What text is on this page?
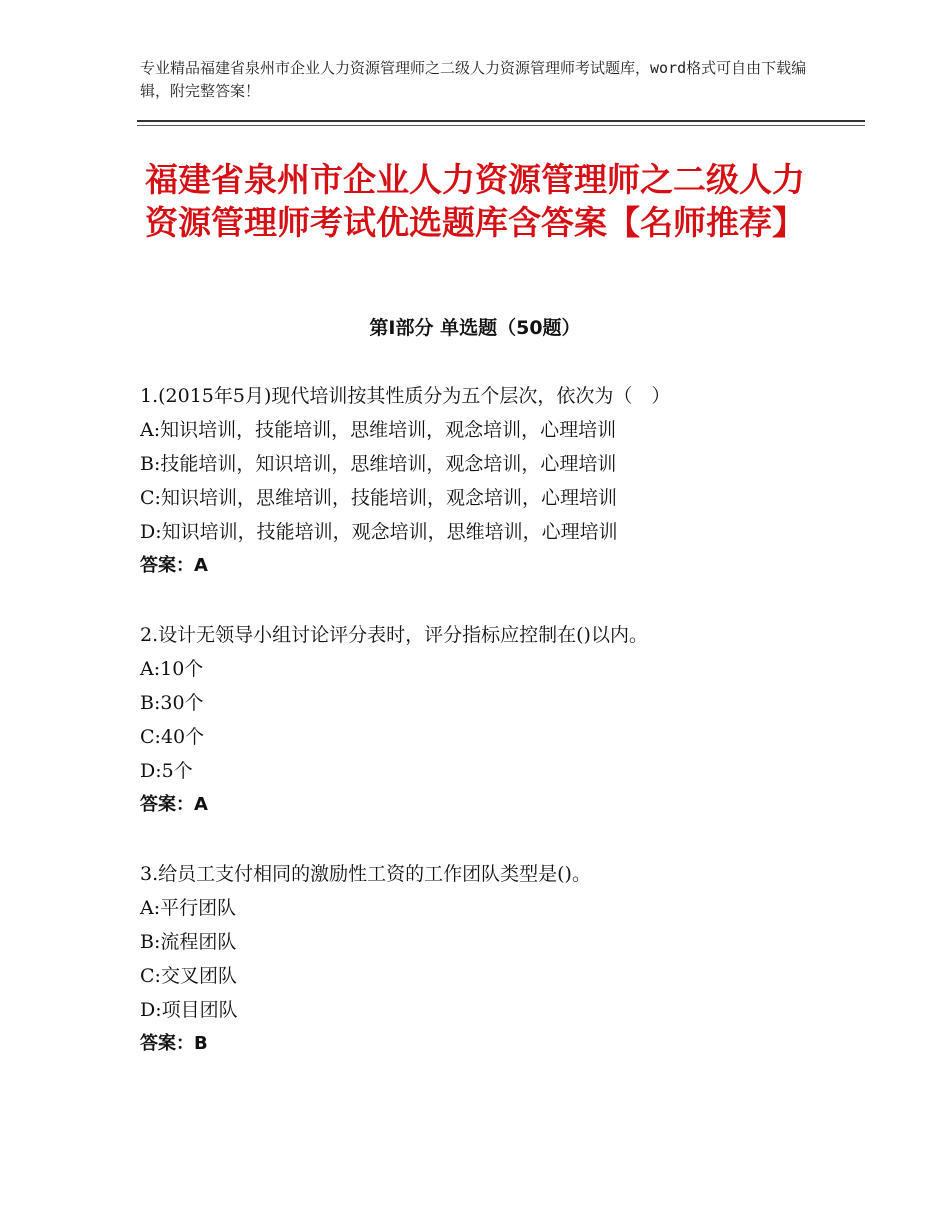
专业精品福建省泉州市企业人力资源管理师之二级人力资源管理师考试题库，word格式可自由下载编辑，附完整答案！
福建省泉州市企业人力资源管理师之二级人力资源管理师考试优选题库含答案【名师推荐】
第Ⅰ部分 单选题（50题）
1.(2015年5月)现代培训按其性质分为五个层次，依次为（　）
A:知识培训，技能培训，思维培训，观念培训，心理培训
B:技能培训，知识培训，思维培训，观念培训，心理培训
C:知识培训，思维培训，技能培训，观念培训，心理培训
D:知识培训，技能培训，观念培训，思维培训，心理培训
答案：A
2.设计无领导小组讨论评分表时，评分指标应控制在()以内。
A:10个
B:30个
C:40个
D:5个
答案：A
3.给员工支付相同的激励性工资的工作团队类型是()。
A:平行团队
B:流程团队
C:交叉团队
D:项目团队
答案：B
